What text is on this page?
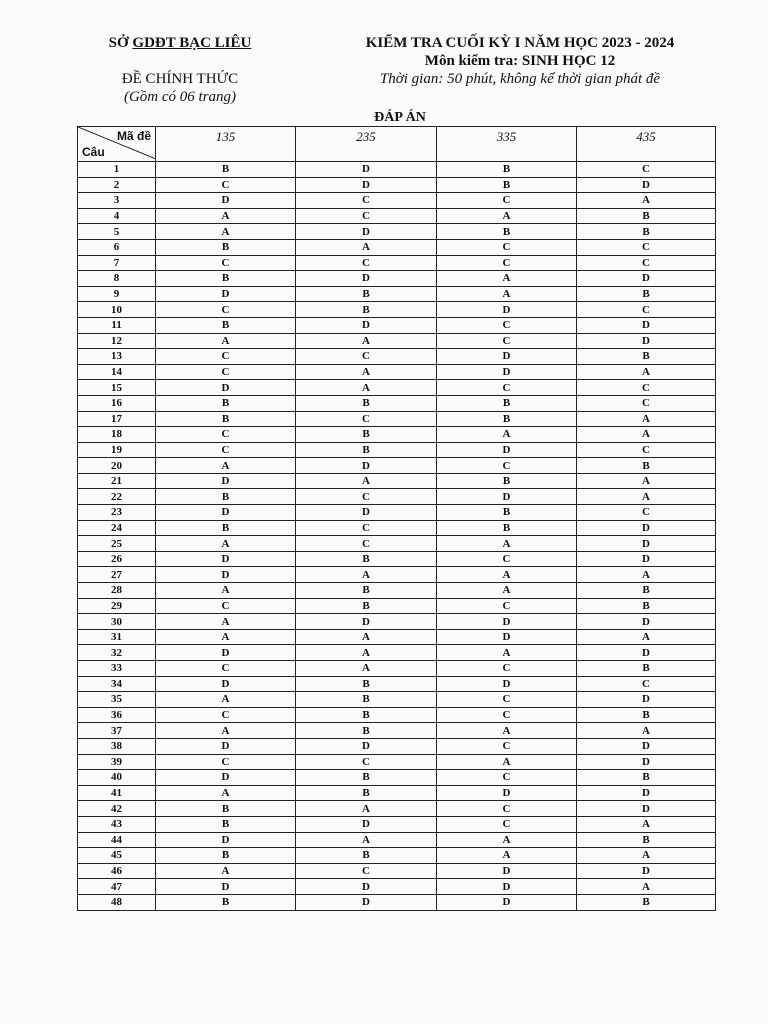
SỞ GDĐT BẠC LIÊU
ĐỀ CHÍNH THỨC
(Gồm có 06 trang)
KIỂM TRA CUỐI KỲ I NĂM HỌC 2023 - 2024
Môn kiểm tra: SINH HỌC 12
Thời gian: 50 phút, không kể thời gian phát đề
ĐÁP ÁN
Mã đề
Câu	135	235	335	435
1	B	D	B	C
2	C	D	B	D
3	D	C	C	A
4	A	C	A	B
5	A	D	B	B
6	B	A	C	C
7	C	C	C	C
8	B	D	A	D
9	D	B	A	B
10	C	B	D	C
11	B	D	C	D
12	A	A	C	D
13	C	C	D	B
14	C	A	D	A
15	D	A	C	C
16	B	B	B	C
17	B	C	B	A
18	C	B	A	A
19	C	B	D	C
20	A	D	C	B
21	D	A	B	A
22	B	C	D	A
23	D	D	B	C
24	B	C	B	D
25	A	C	A	D
26	D	B	C	D
27	D	A	A	A
28	A	B	A	B
29	C	B	C	B
30	A	D	D	D
31	A	A	D	A
32	D	A	A	D
33	C	A	C	B
34	D	B	D	C
35	A	B	C	D
36	C	B	C	B
37	A	B	A	A
38	D	D	C	D
39	C	C	A	D
40	D	B	C	B
41	A	B	D	D
42	B	A	C	D
43	B	D	C	A
44	D	A	A	B
45	B	B	A	A
46	A	C	D	D
47	D	D	D	A
48	B	D	D	B
